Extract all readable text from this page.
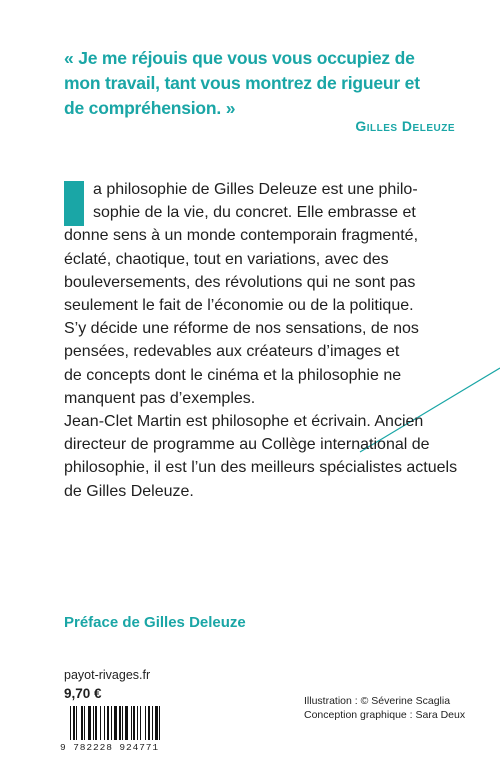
« Je me réjouis que vous vous occupiez de
mon travail, tant vous montrez de rigueur et
de compréhension. »
Gilles Deleuze
a philosophie de Gilles Deleuze est une philo-
sophie de la vie, du concret. Elle embrasse et
donne sens à un monde contemporain fragmenté,
éclaté, chaotique, tout en variations, avec des
bouleversements, des révolutions qui ne sont pas
seulement le fait de l’économie ou de la politique.
S’y décide une réforme de nos sensations, de nos
pensées, redevables aux créateurs d’images et
de concepts dont le cinéma et la philosophie ne
manquent pas d’exemples.
Jean-Clet Martin est philosophe et écrivain. Ancien
directeur de programme au Collège international de
philosophie, il est l’un des meilleurs spécialistes actuels
de Gilles Deleuze.
Préface de Gilles Deleuze
payot-rivages.fr
9,70 €
9 782228 924771
Illustration : © Séverine Scaglia
Conception graphique : Sara Deux
